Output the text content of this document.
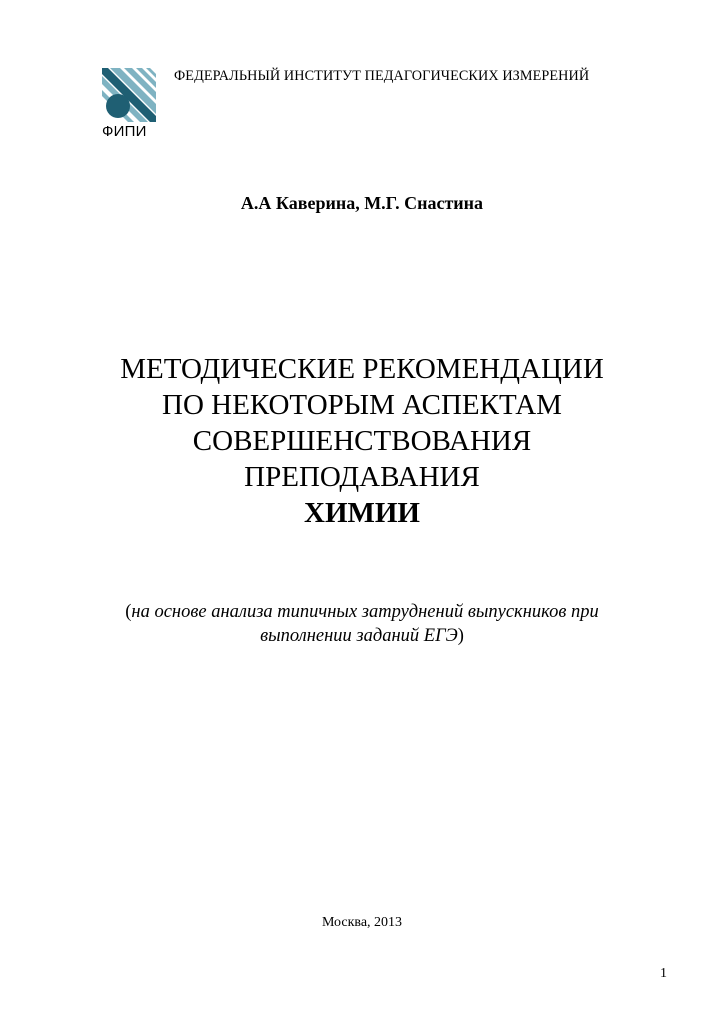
ФИПИ
ФЕДЕРАЛЬНЫЙ ИНСТИТУТ ПЕДАГОГИЧЕСКИХ ИЗМЕРЕНИЙ
А.А Каверина, М.Г. Снастина
МЕТОДИЧЕСКИЕ РЕКОМЕНДАЦИИ
ПО НЕКОТОРЫМ АСПЕКТАМ
СОВЕРШЕНСТВОВАНИЯ
ПРЕПОДАВАНИЯ
ХИМИИ
(на основе анализа типичных затруднений выпускников при
выполнении заданий ЕГЭ)
Москва, 2013
1
